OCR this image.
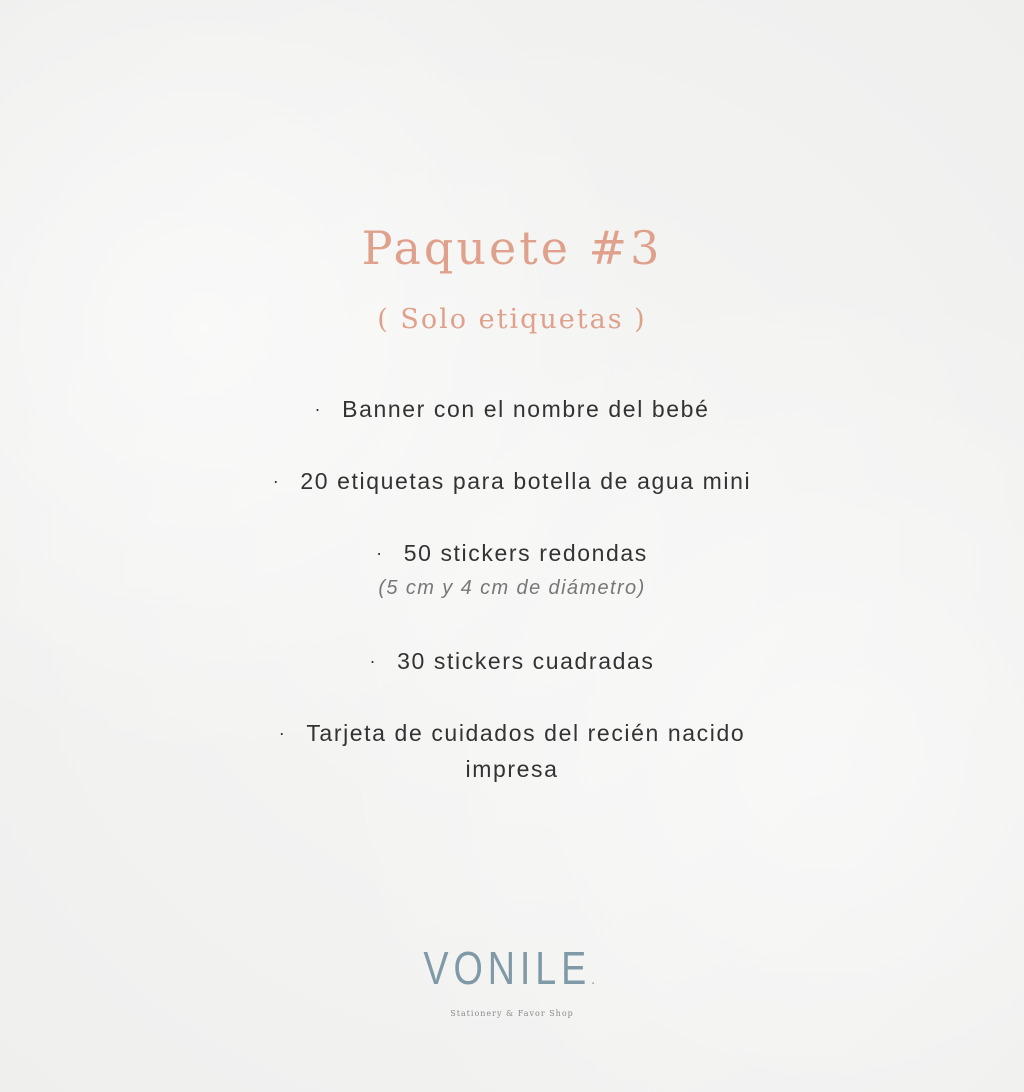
Paquete #3
( Solo etiquetas )
· Banner con el nombre del bebé
· 20 etiquetas para botella de agua mini
· 50 stickers redondas
(5 cm y 4 cm de diámetro)
· 30 stickers cuadradas
· Tarjeta de cuidados del recién nacido
impresa
VONILE.
Stationery & Favor Shop
